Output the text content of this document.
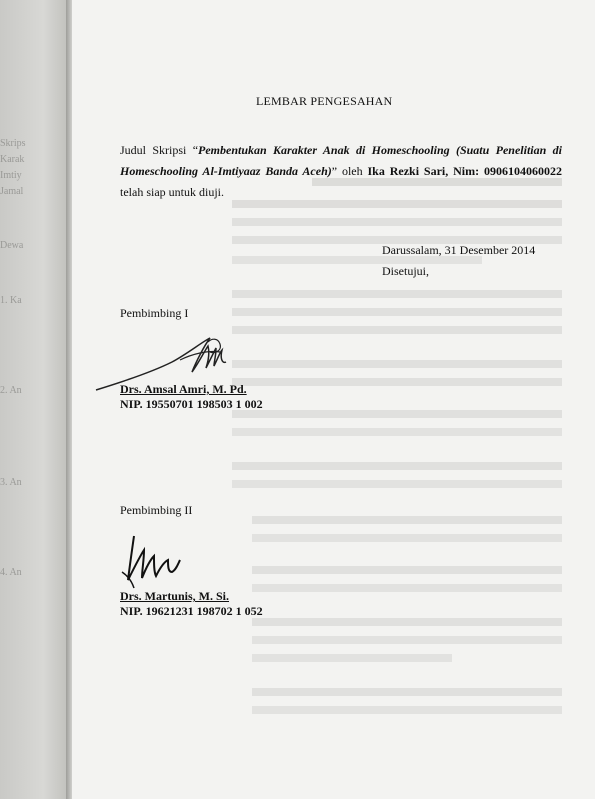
Skrips
Karak
Imtiy
Jamal
Dewa
1. Ka
2. An
3. An
4. An
LEMBAR PENGESAHAN
Judul Skripsi “Pembentukan Karakter Anak di Homeschooling (Suatu Penelitian di Homeschooling Al-Imtiyaaz Banda Aceh)” oleh Ika Rezki Sari, Nim: 0906104060022 telah siap untuk diuji.
Darussalam, 31 Desember 2014
Disetujui,
Pembimbing I
Drs. Amsal Amri, M. Pd.
NIP. 19550701 198503 1 002
Pembimbing II
Drs. Martunis, M. Si.
NIP. 19621231 198702 1 052
